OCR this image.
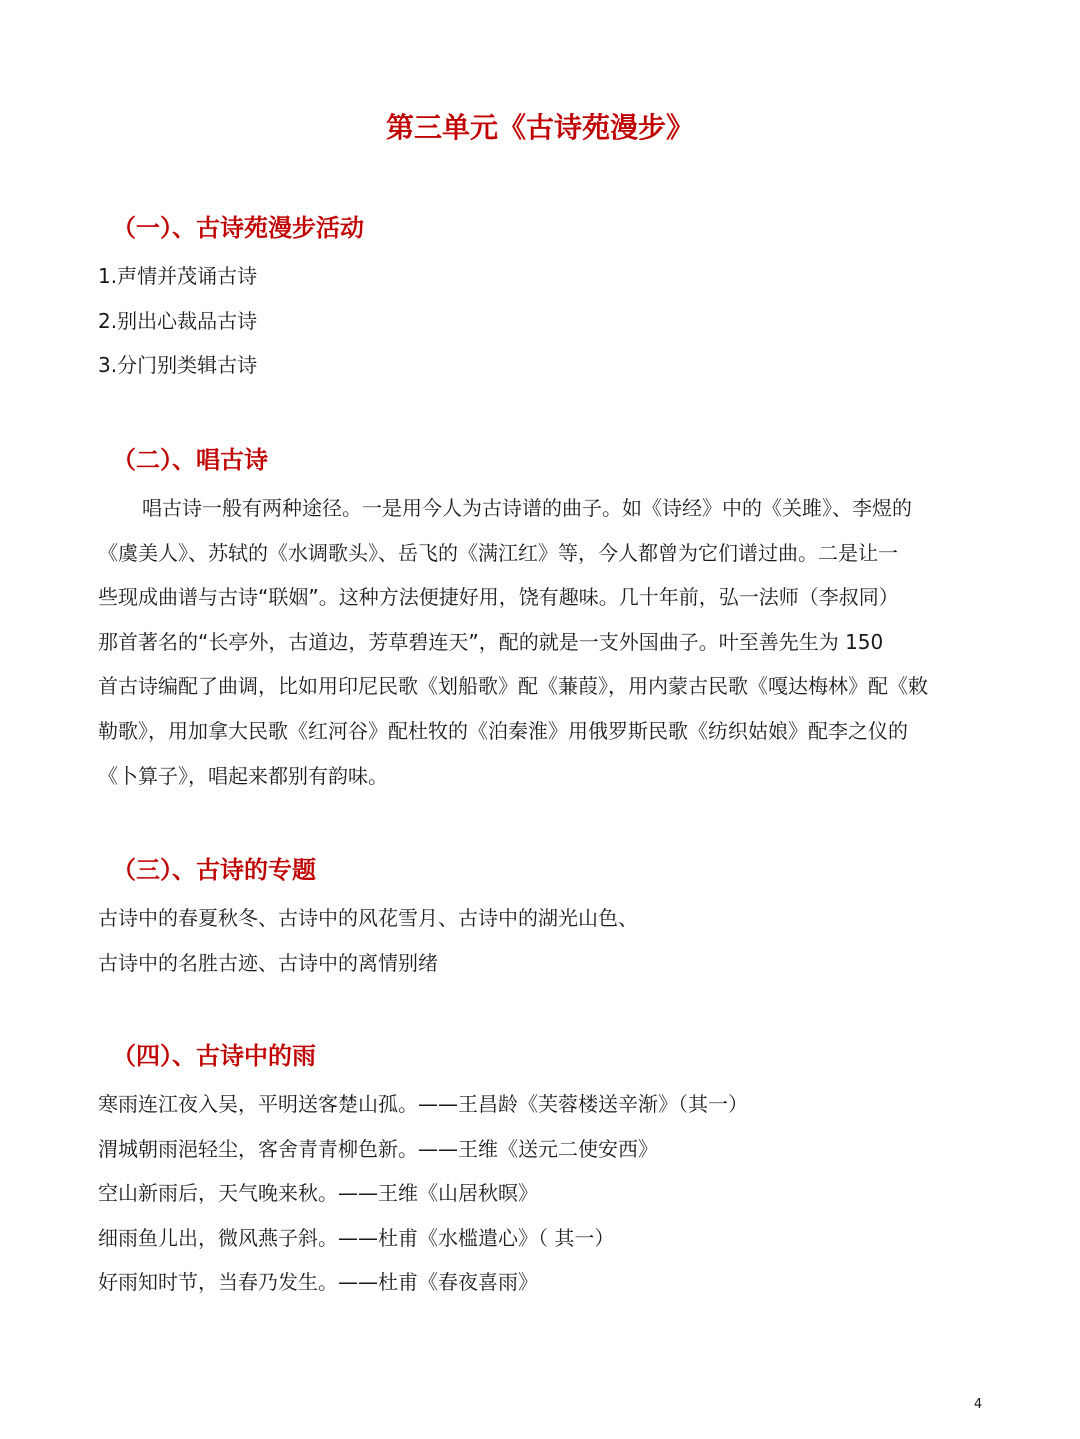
第三单元《古诗苑漫步》
（一）、古诗苑漫步活动
1.声情并茂诵古诗
2.别出心裁品古诗
3.分门别类辑古诗
（二）、唱古诗
唱古诗一般有两种途径。一是用今人为古诗谱的曲子。如《诗经》中的《关雎》、李煜的
《虞美人》、苏轼的《水调歌头》、岳飞的《满江红》等，今人都曾为它们谱过曲。二是让一
些现成曲谱与古诗“联姻”。这种方法便捷好用，饶有趣味。几十年前，弘一法师（李叔同）
那首著名的“长亭外，古道边，芳草碧连天”，配的就是一支外国曲子。叶至善先生为 150
首古诗编配了曲调，比如用印尼民歌《划船歌》配《蒹葭》，用内蒙古民歌《嘎达梅林》配《敕
勒歌》，用加拿大民歌《红河谷》配杜牧的《泊秦淮》用俄罗斯民歌《纺织姑娘》配李之仪的
《卜算子》，唱起来都别有韵味。
（三）、古诗的专题
古诗中的春夏秋冬、古诗中的风花雪月、古诗中的湖光山色、
古诗中的名胜古迹、古诗中的离情别绪
（四）、古诗中的雨
寒雨连江夜入吴，平明送客楚山孤。——王昌龄《芙蓉楼送辛渐》（其一）
渭城朝雨浥轻尘，客舍青青柳色新。——王维《送元二使安西》
空山新雨后，天气晚来秋。——王维《山居秋暝》
细雨鱼儿出，微风燕子斜。——杜甫《水槛遣心》（ 其一）
好雨知时节，当春乃发生。——杜甫《春夜喜雨》
4
